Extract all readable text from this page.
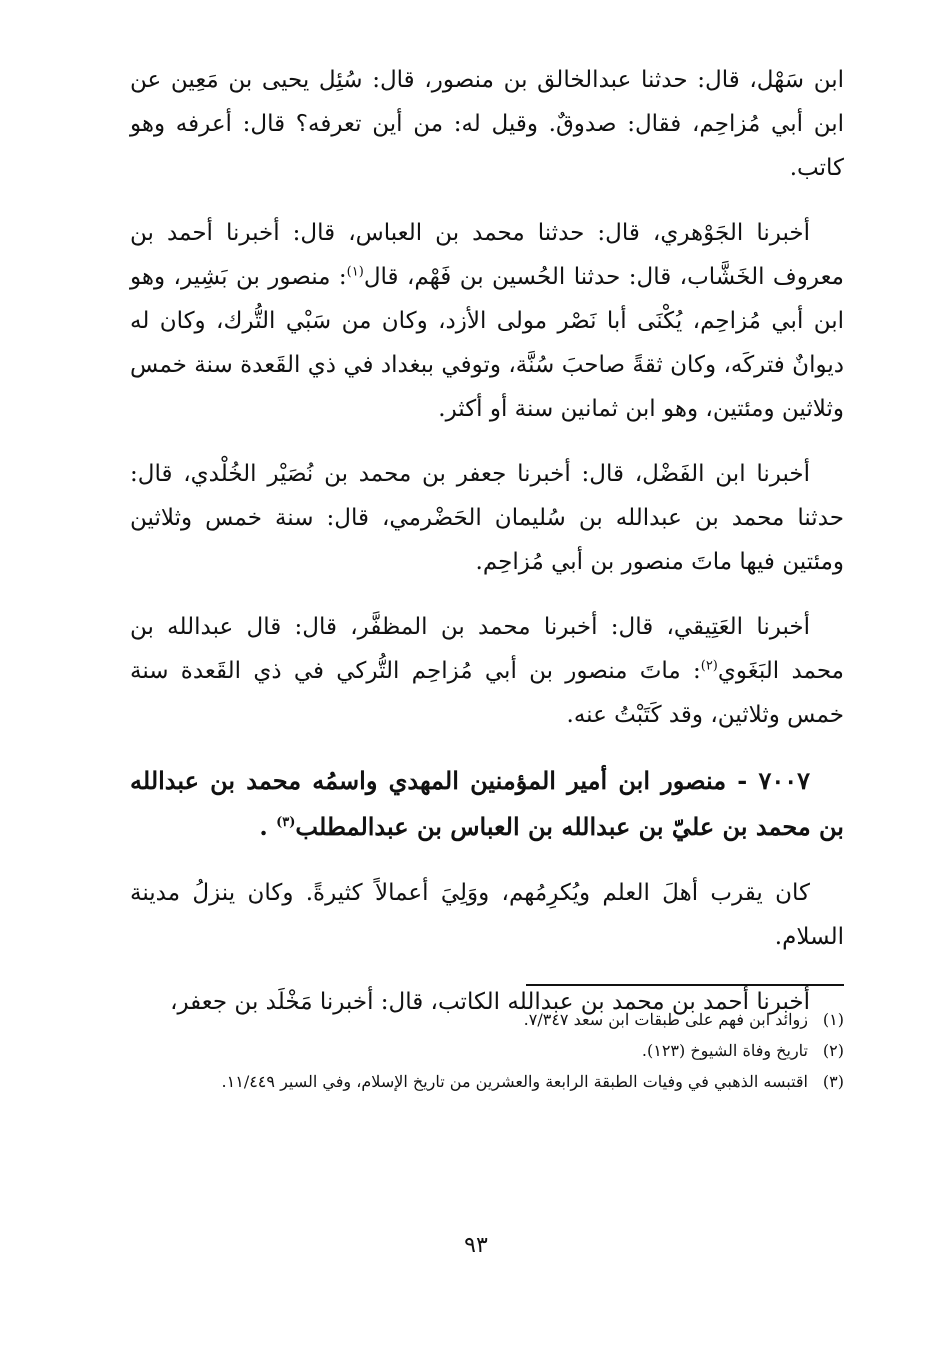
ابن سَهْل، قال: حدثنا عبدالخالق بن منصور، قال: سُئِل يحيى بن مَعِين عن ابن أبي مُزاحِم، فقال: صدوقٌ. وقيل له: من أين تعرفه؟ قال: أعرفه وهو كاتب.

أخبرنا الجَوْهري، قال: حدثنا محمد بن العباس، قال: أخبرنا أحمد بن معروف الخَشَّاب، قال: حدثنا الحُسين بن فَهْم، قال$^{(١)}$: منصور بن بَشِير، وهو ابن أبي مُزاحِم، يُكْنَى أبا نَصْر مولى الأزد، وكان من سَبْي التُّرك، وكان له ديوانٌ فتركَه، وكان ثقةً صاحبَ سُنَّة، وتوفي ببغداد في ذي القَعدة سنة خمس وثلاثين ومئتين، وهو ابن ثمانين سنة أو أكثر.

أخبرنا ابن الفَضْل، قال: أخبرنا جعفر بن محمد بن نُصَيْر الخُلْدي، قال: حدثنا محمد بن عبدالله بن سُليمان الحَضْرمي، قال: سنة خمس وثلاثين ومئتين فيها ماتَ منصور بن أبي مُزاحِم.

أخبرنا العَتِيقي، قال: أخبرنا محمد بن المظفَّر، قال: قال عبدالله بن محمد البَغَوي$^{(٢)}$: ماتَ منصور بن أبي مُزاحِم التُّركي في ذي القَعدة سنة خمس وثلاثين، وقد كَتَبْتُ عنه.

٧٠٠٧ - منصور ابن أمير المؤمنين المهدي واسمُه محمد بن عبدالله بن محمد بن عليّ بن عبدالله بن العباس بن عبدالمطلب$^{(٣)}$ .

كان يقرب أهلَ العلم ويُكرِمُهم، ووَلِيَ أعمالاً كثيرةً. وكان ينزلُ مدينة السلام.

أخبرنا أحمد بن محمد بن عبدالله الكاتب، قال: أخبرنا مَخْلَد بن جعفر،

(١)
زوائد ابن فهم على طبقات ابن سعد ٧/٣٤٧.
(٢)
تاريخ وفاة الشيوخ (١٢٣).
(٣)
اقتبسه الذهبي في وفيات الطبقة الرابعة والعشرين من تاريخ الإسلام، وفي السير ١١/٤٤٩.
٩٣
